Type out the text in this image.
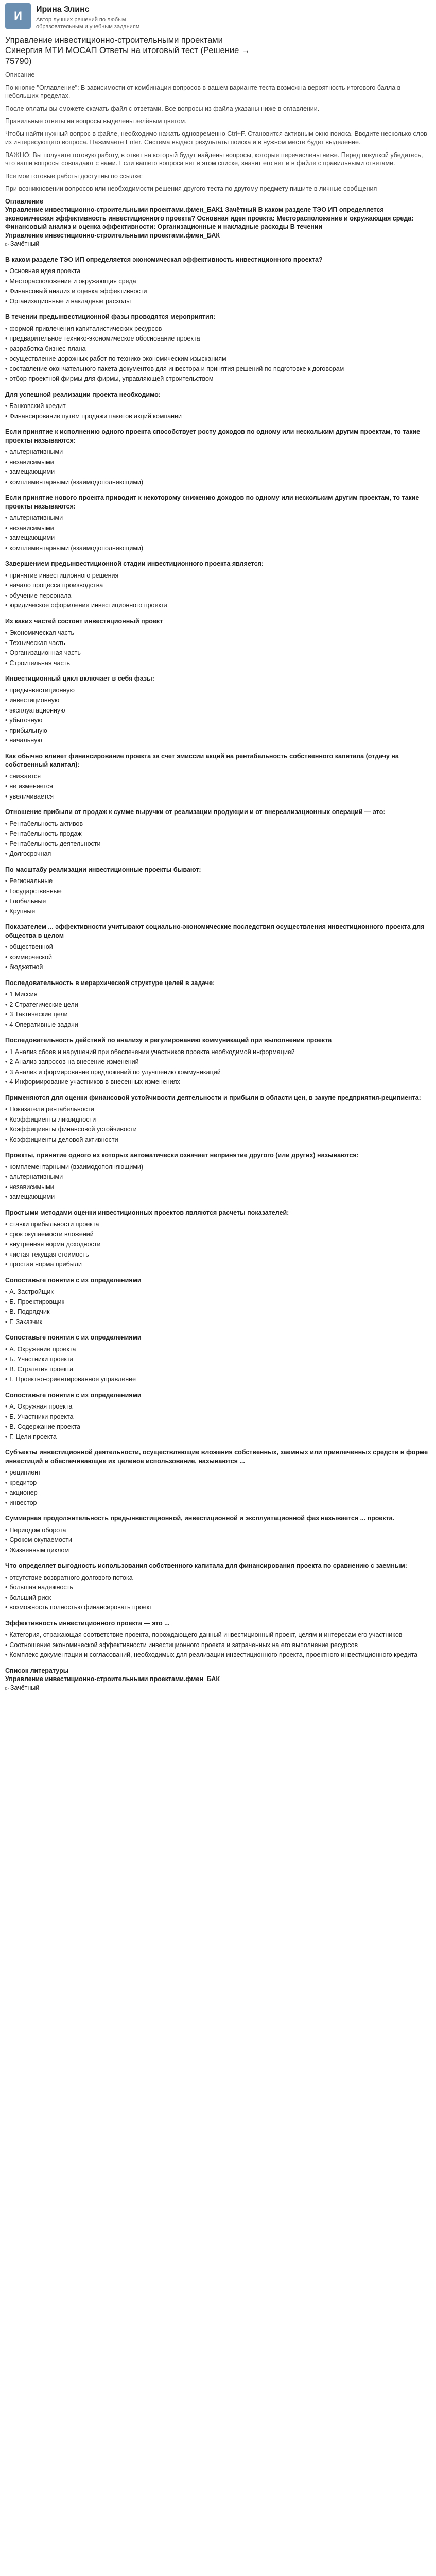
И	Ирина Элинс
Автор лучших решений по любым образовательным и учебным заданиям
Управление инвестиционно-строительными проектами Синергия МТИ МОСАП Ответы на итоговый тест (Решение → 75790)

Описание

По кнопке "Оглавление": В зависимости от комбинации вопросов в вашем варианте теста возможна вероятность итогового балла в небольших пределах.

После оплаты вы сможете скачать файл с ответами. Все вопросы из файла указаны ниже в оглавлении.

Правильные ответы на вопросы выделены зелёным цветом.

Чтобы найти нужный вопрос в файле, необходимо нажать одновременно Ctrl+F. Становится активным окно поиска. Вводите несколько слов из интересующего вопроса. Нажимаете Enter. Система выдаст результаты поиска и в нужном месте будет выделение.

ВАЖНО: Вы получите готовую работу, в ответ на который будут найдены вопросы, которые перечислены ниже. Перед покупкой убедитесь, что ваши вопросы совпадают с нами. Если вашего вопроса нет в этом списке, значит его нет и в файле с правильными ответами.

Все мои готовые работы доступны по ссылке:

При возникновении вопросов или необходимости решения другого теста по другому предмету пишите в личные сообщения

Оглавление

Управление инвестиционно-строительными проектами.фмен_БАК1 Зачётный В каком разделе ТЭО ИП определяется экономическая эффективность инвестиционного проекта? Основная идея проекта: Месторасположение и окружающая среда: Финансовый анализ и оценка эффективности: Организационные и накладные расходы В течении

Управление инвестиционно-строительными проектами.фмен_БАК

▷ Зачётный

В каком разделе ТЭО ИП определяется экономическая эффективность инвестиционного проекта?
• Основная идея проекта
• Месторасположение и окружающая среда
• Финансовый анализ и оценка эффективности
• Организационные и накладные расходы
В течении предынвестиционной фазы проводятся мероприятия:
• формой привлечения капиталистических ресурсов
• предварительное технико-экономическое обоснование проекта
• разработка бизнес-плана
• осуществление дорожных работ по технико-экономическим изысканиям
• составление окончательного пакета документов для инвестора и принятия решений по подготовке к договорам
• отбор проектной фирмы для фирмы, управляющей строительством
Для успешной реализации проекта необходимо:
• Банковский кредит
• Финансирование путём продажи пакетов акций компании
Если принятие к исполнению одного проекта способствует росту доходов по одному или нескольким другим проектам, то такие проекты называются:
• альтернативными
• независимыми
• замещающими
• комплементарными (взаимодополняющими)
Если принятие нового проекта приводит к некоторому снижению доходов по одному или нескольким другим проектам, то такие проекты называются:
• альтернативными
• независимыми
• замещающими
• комплементарными (взаимодополняющими)
Завершением предынвестиционной стадии инвестиционного проекта является:
• принятие инвестиционного решения
• начало процесса производства
• обучение персонала
• юридическое оформление инвестиционного проекта
Из каких частей состоит инвестиционный проект
• Экономическая часть
• Техническая часть
• Организационная часть
• Строительная часть
Инвестиционный цикл включает в себя фазы:
• предынвестиционную
• инвестиционную
• эксплуатационную
• убыточную
• прибыльную
• начальную
Как обычно влияет финансирование проекта за счет эмиссии акций на рентабельность собственного капитала (отдачу на собственный капитал):
• снижается
• не изменяется
• увеличивается
Отношение прибыли от продаж к сумме выручки от реализации продукции и от внереализационных операций — это:
• Рентабельность активов
• Рентабельность продаж
• Рентабельность деятельности
• Долгосрочная
По масштабу реализации инвестиционные проекты бывают:
• Региональные
• Государственные
• Глобальные
• Крупные
Показателем ... эффективности учитывают социально-экономические последствия осуществления инвестиционного проекта для общества в целом
• общественной
• коммерческой
• бюджетной
Последовательность в иерархической структуре целей в задаче:
• 1 Миссия
• 2 Стратегические цели
• 3 Тактические цели
• 4 Оперативные задачи
Последовательность действий по анализу и регулированию коммуникаций при выполнении проекта
• 1 Анализ сбоев и нарушений при обеспечении участников проекта необходимой информацией
• 2 Анализ запросов на внесение изменений
• 3 Анализ и формирование предложений по улучшению коммуникаций
• 4 Информирование участников в внесенных изменениях
Применяются для оценки финансовой устойчивости деятельности и прибыли в области цен, в закупе предприятия-реципиента:
• Показатели рентабельности
• Коэффициенты ликвидности
• Коэффициенты финансовой устойчивости
• Коэффициенты деловой активности
Проекты, принятие одного из которых автоматически означает непринятие другого (или других) называются:
• комплементарными (взаимодополняющими)
• альтернативными
• независимыми
• замещающими
Простыми методами оценки инвестиционных проектов являются расчеты показателей:
• ставки прибыльности проекта
• срок окупаемости вложений
• внутренняя норма доходности
• чистая текущая стоимость
• простая норма прибыли
Сопоставьте понятия с их определениями
• А. Застройщик
• Б. Проектировщик
• В. Подрядчик
• Г. Заказчик
Сопоставьте понятия с их определениями
• А. Окружение проекта
• Б. Участники проекта
• В. Стратегия проекта
• Г. Проектно-ориентированное управление
Сопоставьте понятия с их определениями
• А. Окружная проекта
• Б. Участники проекта
• В. Содержание проекта
• Г. Цели проекта
Субъекты инвестиционной деятельности, осуществляющие вложения собственных, заемных или привлеченных средств в форме инвестиций и обеспечивающие их целевое использование, называются ...
• реципиент
• кредитор
• акционер
• инвестор
Суммарная продолжительность предынвестиционной, инвестиционной и эксплуатационной фаз называется ... проекта.
• Периодом оборота
• Сроком окупаемости
• Жизненным циклом
Что определяет выгодность использования собственного капитала для финансирования проекта по сравнению с заемным:
• отсутствие возвратного долгового потока
• большая надежность
• больший риск
• возможность полностью финансировать проект
Эффективность инвестиционного проекта — это ...
• Категория, отражающая соответствие проекта, порождающего данный инвестиционный проект, целям и интересам его участников
• Соотношение экономической эффективности инвестиционного проекта и затраченных на его выполнение ресурсов
• Комплекс документации и согласований, необходимых для реализации инвестиционного проекта, проектного инвестиционного кредита

Список литературы

Управление инвестиционно-строительными проектами.фмен_БАК

▷ Зачётный
